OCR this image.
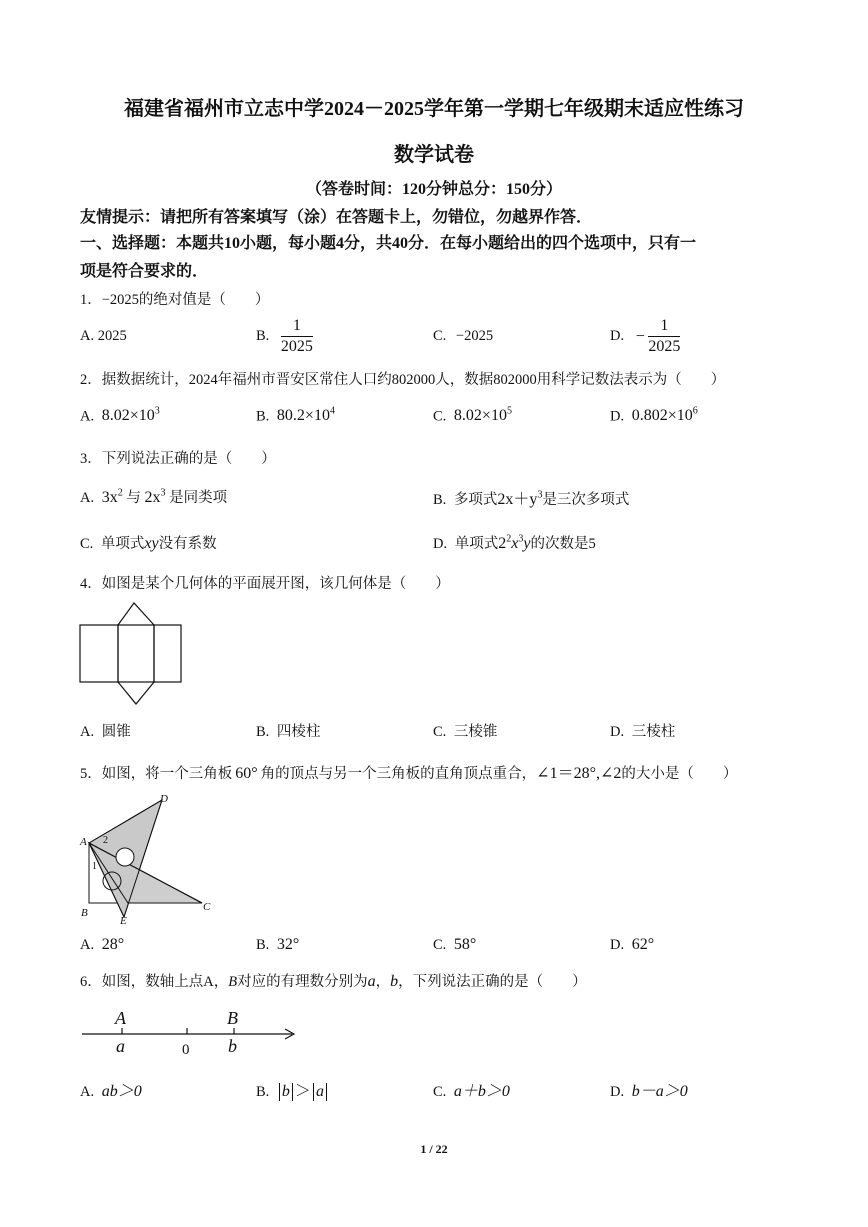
福建省福州市立志中学2024－2025学年第一学期七年级期末适应性练习
数学试卷
（答卷时间：120分钟总分：150分）
友情提示：请把所有答案填写（涂）在答题卡上，勿错位，勿越界作答．
一、选择题：本题共10小题，每小题4分，共40分．在每小题给出的四个选项中，只有一
项是符合要求的．
1．−2025的绝对值是（　　）
A. 2025	B. $\frac{1}{2025}$	C. −2025	D. − $\frac{1}{2025}$
2．据数据统计，2024年福州市晋安区常住人口约802000人，数据802000用科学记数法表示为（　　）
A. $8.02\times 10^3$	B. $80.2\times 10^4$	C. $8.02\times 10^5$	D. $0.802\times 10^6$
3．下列说法正确的是（　　）
A. $3x^2$ 与 $2x^3$ 是同类项	B. 多项式$2x+y^3$是三次多项式
C. 单项式xy没有系数	D. 单项式$2^2x^3y$的次数是5
4．如图是某个几何体的平面展开图，该几何体是（　　）
A. 圆锥	B. 四棱柱	C. 三棱锥	D. 三棱柱
5．如图，将一个三角板 60° 角的顶点与另一个三角板的直角顶点重合，∠1＝28°,∠2的大小是（　　）
A
B	C
D
E
1
2
A. 28°	B. 32°	C. 58°	D. 62°
6．如图，数轴上点A，B对应的有理数分别为a，b，下列说法正确的是（　　）
A
a	0
B
b
A. ab＞0	B. b ＞ a	C. a＋b＞0	D. b－a＞0
1 / 22
